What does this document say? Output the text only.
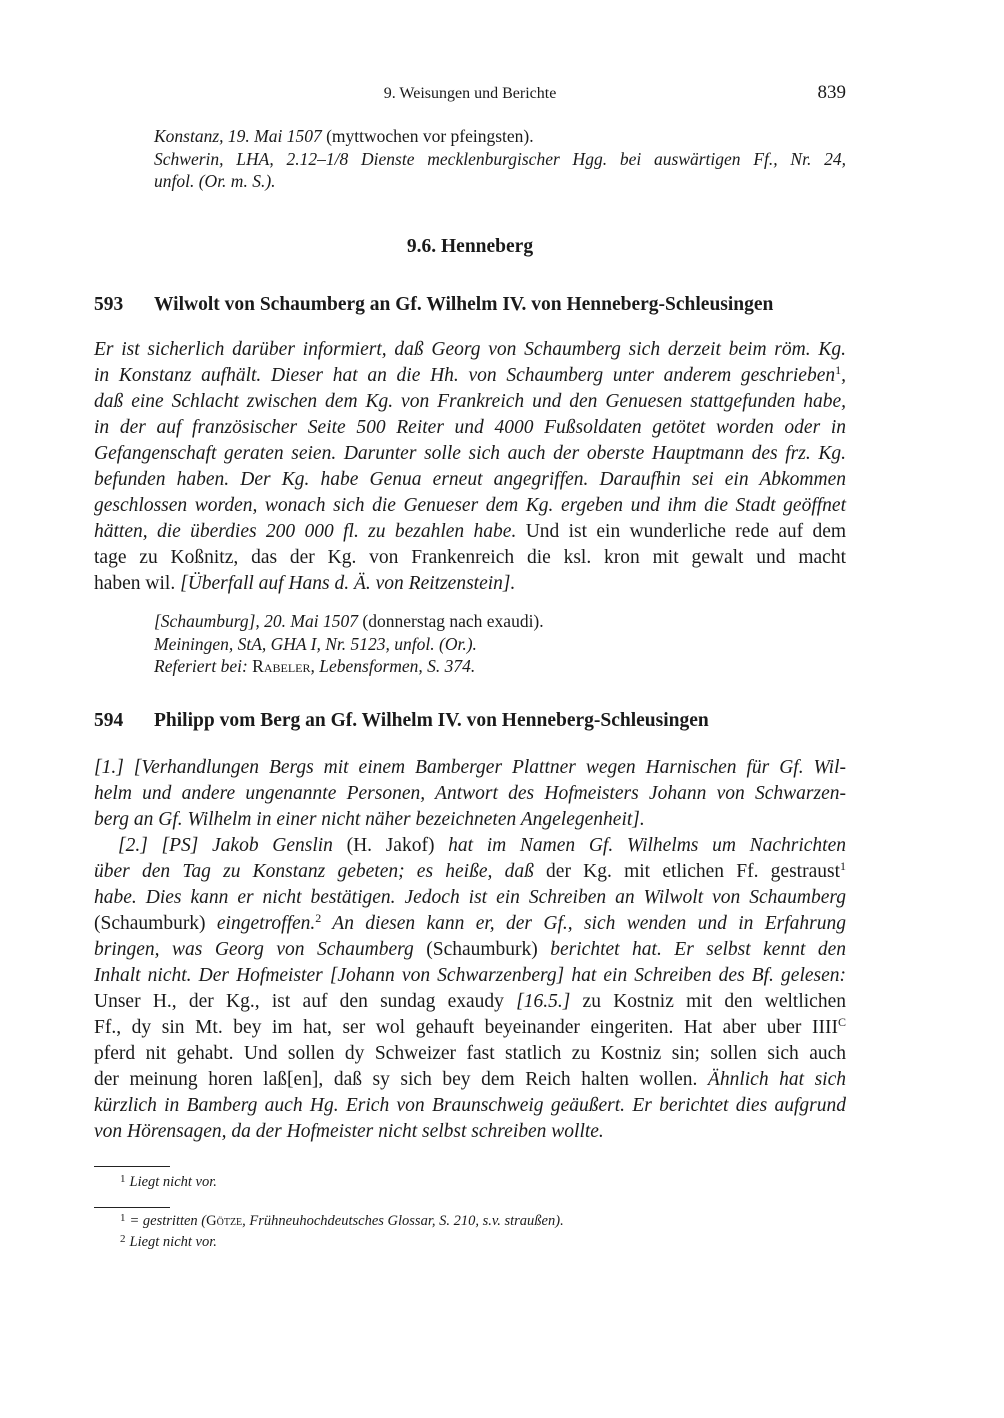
9. Weisungen und Berichte	839
Konstanz, 19. Mai 1507 (myttwochen vor pfeingsten).
Schwerin, LHA, 2.12–1/8 Dienste mecklenburgischer Hgg. bei auswärtigen Ff., Nr. 24,
unfol. (Or. m. S.).
9.6. Henneberg
593 Wilwolt von Schaumberg an Gf. Wilhelm IV. von Henneberg-Schleusingen
Er ist sicherlich darüber informiert, daß Georg von Schaumberg sich derzeit beim röm. Kg.
in Konstanz aufhält. Dieser hat an die Hh. von Schaumberg unter anderem geschrieben$^1$,
daß eine Schlacht zwischen dem Kg. von Frankreich und den Genuesen stattgefunden habe,
in der auf französischer Seite 500 Reiter und 4000 Fußsoldaten getötet worden oder in
Gefangenschaft geraten seien. Darunter solle sich auch der oberste Hauptmann des frz. Kg.
befunden haben. Der Kg. habe Genua erneut angegriffen. Daraufhin sei ein Abkommen
geschlossen worden, wonach sich die Genueser dem Kg. ergeben und ihm die Stadt geöffnet
hätten, die überdies 200 000 fl. zu bezahlen habe. Und ist ein wunderliche rede auf dem
tage zu Koßnitz, das der Kg. von Frankenreich die ksl. kron mit gewalt und macht
haben wil. [Überfall auf Hans d. Ä. von Reitzenstein].
[Schaumburg], 20. Mai 1507 (donnerstag nach exaudi).
Meiningen, StA, GHA I, Nr. 5123, unfol. (Or.).
Referiert bei: Rabeler, Lebensformen, S. 374.
594 Philipp vom Berg an Gf. Wilhelm IV. von Henneberg-Schleusingen
[1.] [Verhandlungen Bergs mit einem Bamberger Plattner wegen Harnischen für Gf. Wil-
helm und andere ungenannte Personen, Antwort des Hofmeisters Johann von Schwarzen-
berg an Gf. Wilhelm in einer nicht näher bezeichneten Angelegenheit].
[2.] [PS] Jakob Genslin (H. Jakof) hat im Namen Gf. Wilhelms um Nachrichten
über den Tag zu Konstanz gebeten; es heiße, daß der Kg. mit etlichen Ff. gestraust$^1$
habe. Dies kann er nicht bestätigen. Jedoch ist ein Schreiben an Wilwolt von Schaumberg
(Schaumburk) eingetroffen.$^2$ An diesen kann er, der Gf., sich wenden und in Erfahrung
bringen, was Georg von Schaumberg (Schaumburk) berichtet hat. Er selbst kennt den
Inhalt nicht. Der Hofmeister [Johann von Schwarzenberg] hat ein Schreiben des Bf. gelesen:
Unser H., der Kg., ist auf den sundag exaudy [16.5.] zu Kostniz mit den weltlichen
Ff., dy sin Mt. bey im hat, ser wol gehauft beyeinander eingeriten. Hat aber uber $IIII^C$
pferd nit gehabt. Und sollen dy Schweizer fast statlich zu Kostniz sin; sollen sich auch
der meinung horen laß[en], daß sy sich bey dem Reich halten wollen. Ähnlich hat sich
kürzlich in Bamberg auch Hg. Erich von Braunschweig geäußert. Er berichtet dies aufgrund
von Hörensagen, da der Hofmeister nicht selbst schreiben wollte.
$^1$ Liegt nicht vor.
$^1$ = gestritten (Götze, Frühneuhochdeutsches Glossar, S. 210, s.v. straußen).
$^2$ Liegt nicht vor.
